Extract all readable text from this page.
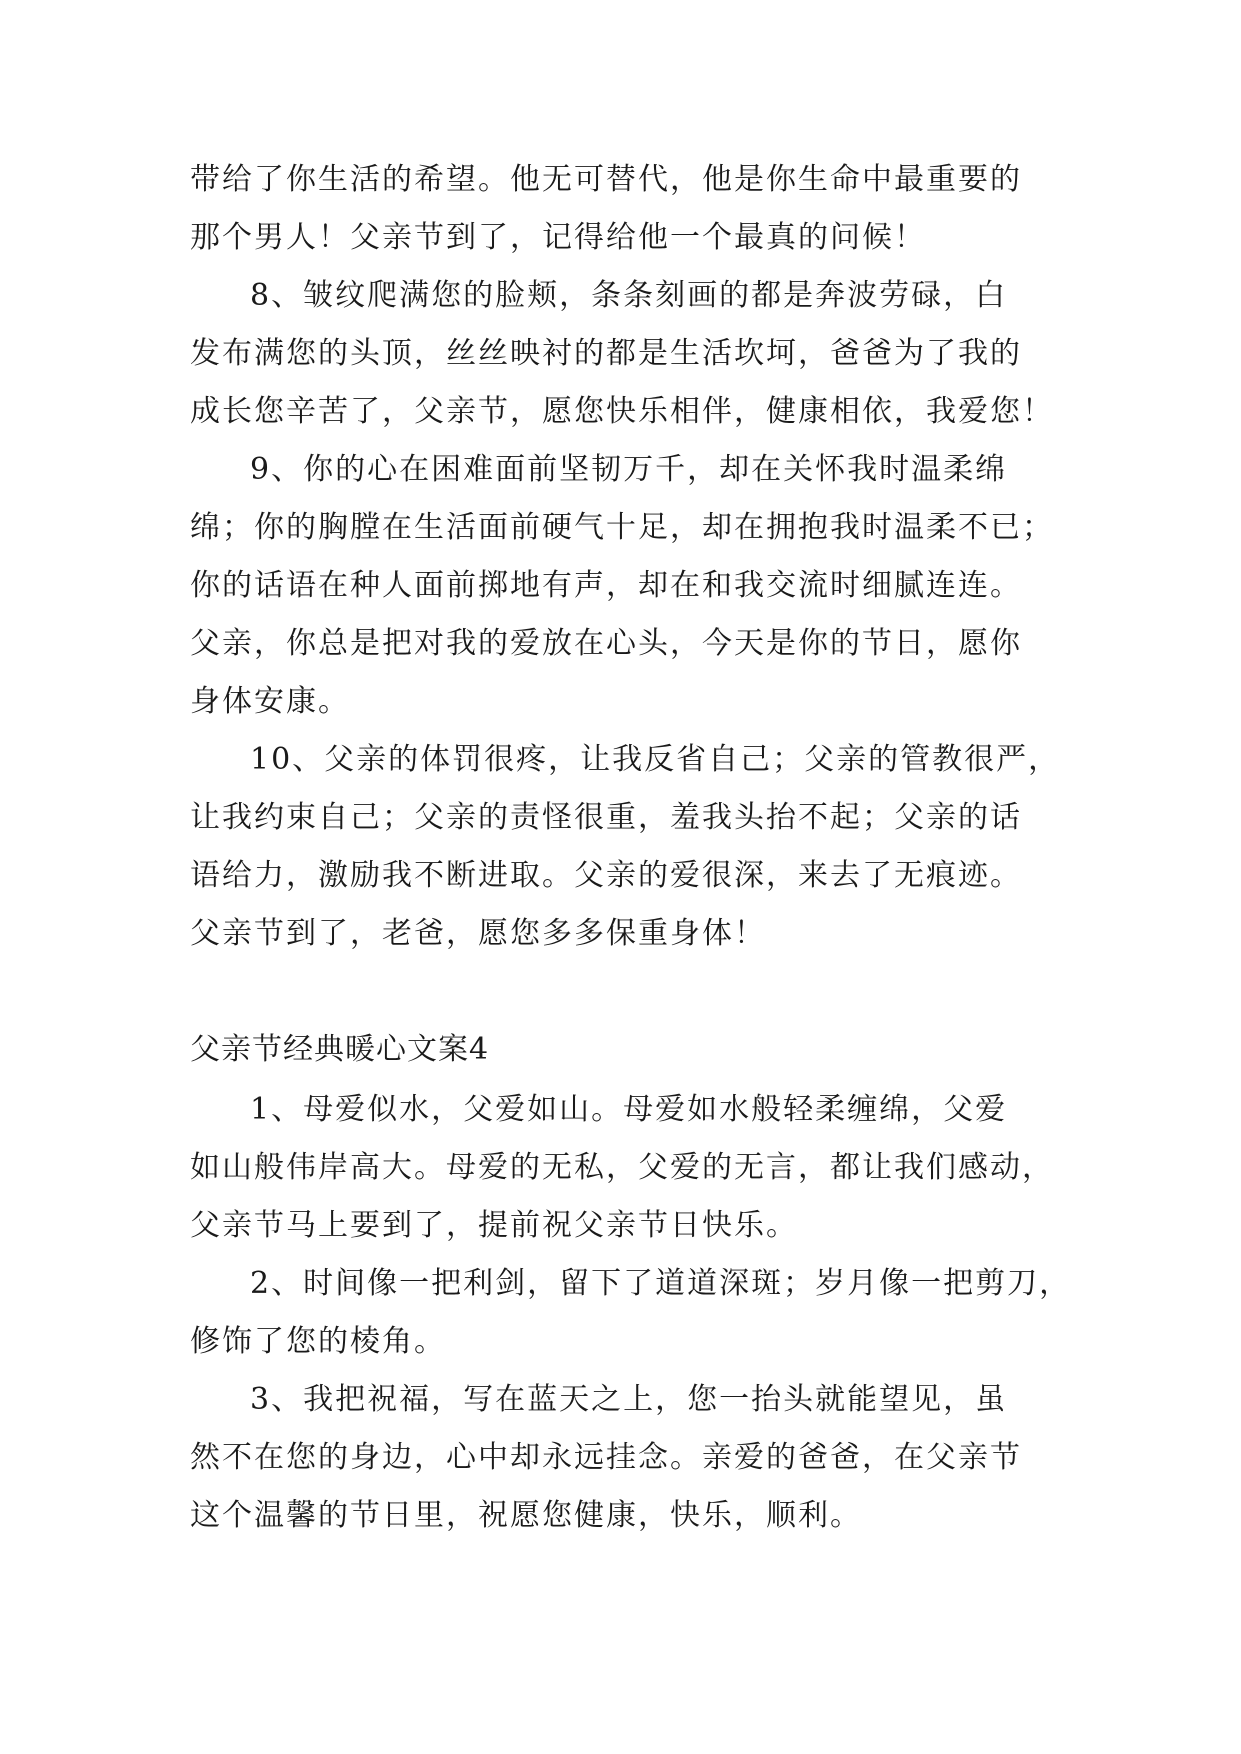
带给了你生活的希望。他无可替代，他是你生命中最重要的
那个男人！父亲节到了，记得给他一个最真的问候！
8、皱纹爬满您的脸颊，条条刻画的都是奔波劳碌，白
发布满您的头顶，丝丝映衬的都是生活坎坷，爸爸为了我的
成长您辛苦了，父亲节，愿您快乐相伴，健康相依，我爱您！
9、你的心在困难面前坚韧万千，却在关怀我时温柔绵
绵；你的胸膛在生活面前硬气十足，却在拥抱我时温柔不已；
你的话语在种人面前掷地有声，却在和我交流时细腻连连。
父亲，你总是把对我的爱放在心头，今天是你的节日，愿你
身体安康。
10、父亲的体罚很疼，让我反省自己；父亲的管教很严，
让我约束自己；父亲的责怪很重，羞我头抬不起；父亲的话
语给力，激励我不断进取。父亲的爱很深，来去了无痕迹。
父亲节到了，老爸，愿您多多保重身体！
父亲节经典暖心文案4
1、母爱似水，父爱如山。母爱如水般轻柔缠绵，父爱
如山般伟岸高大。母爱的无私，父爱的无言，都让我们感动，
父亲节马上要到了，提前祝父亲节日快乐。
2、时间像一把利剑，留下了道道深斑；岁月像一把剪刀，
修饰了您的棱角。
3、我把祝福，写在蓝天之上，您一抬头就能望见，虽
然不在您的身边，心中却永远挂念。亲爱的爸爸，在父亲节
这个温馨的节日里，祝愿您健康，快乐，顺利。
